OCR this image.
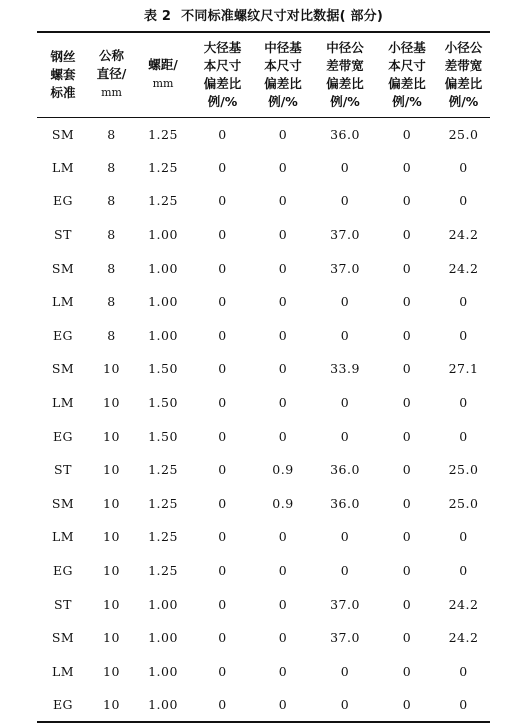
表 2 不同标准螺纹尺寸对比数据( 部分)
钢丝
螺套
标准	公称
直径/
mm	螺距/
mm	大径基
本尺寸
偏差比
例/%	中径基
本尺寸
偏差比
例/%	中径公
差带宽
偏差比
例/%	小径基
本尺寸
偏差比
例/%	小径公
差带宽
偏差比
例/%
SM	8	1.25	0	0	36.0	0	25.0
LM	8	1.25	0	0	0	0	0
EG	8	1.25	0	0	0	0	0
ST	8	1.00	0	0	37.0	0	24.2
SM	8	1.00	0	0	37.0	0	24.2
LM	8	1.00	0	0	0	0	0
EG	8	1.00	0	0	0	0	0
SM	10	1.50	0	0	33.9	0	27.1
LM	10	1.50	0	0	0	0	0
EG	10	1.50	0	0	0	0	0
ST	10	1.25	0	0.9	36.0	0	25.0
SM	10	1.25	0	0.9	36.0	0	25.0
LM	10	1.25	0	0	0	0	0
EG	10	1.25	0	0	0	0	0
ST	10	1.00	0	0	37.0	0	24.2
SM	10	1.00	0	0	37.0	0	24.2
LM	10	1.00	0	0	0	0	0
EG	10	1.00	0	0	0	0	0
